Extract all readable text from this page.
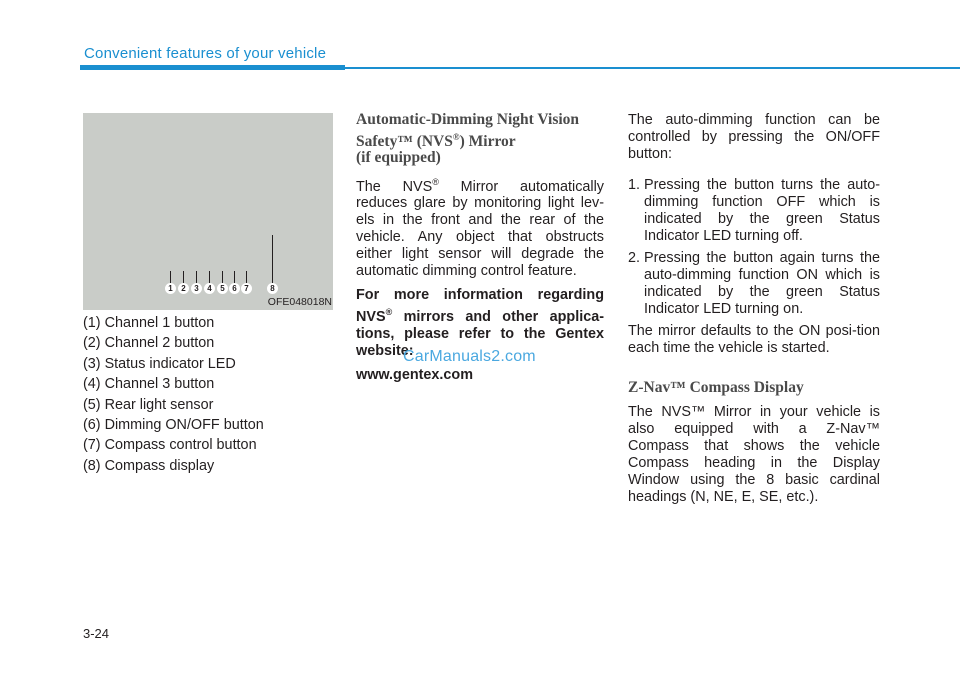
Convenient features of your vehicle
1	2	3	4	5 6 7	8
OFE048018N
(1) Channel 1 button
(2) Channel 2 button
(3) Status indicator LED
(4) Channel 3 button
(5) Rear light sensor
(6) Dimming ON/OFF button
(7) Compass control button
(8) Compass display
Automatic-Dimming Night Vision
Safety™ (NVS®) Mirror
(if equipped)

The NVS® Mirror automatically reduces glare by monitoring light lev-els in the front and the rear of the vehicle. Any object that obstructs either light sensor will degrade the automatic dimming control feature.

For more information regarding NVS® mirrors and other applica-tions, please refer to the Gentex website:

www.gentex.com

The auto-dimming function can be controlled by pressing the ON/OFF button:

1. Pressing the button turns the auto-dimming function OFF which is indicated by the green Status Indicator LED turning off.
2. Pressing the button again turns the auto-dimming function ON which is indicated by the green Status Indicator LED turning on.

The mirror defaults to the ON posi-tion each time the vehicle is started.

Z-Nav™ Compass Display

The NVS™ Mirror in your vehicle is also equipped with a Z-Nav™ Compass that shows the vehicle Compass heading in the Display Window using the 8 basic cardinal headings (N, NE, E, SE, etc.).

CarManuals2.com
3-24
